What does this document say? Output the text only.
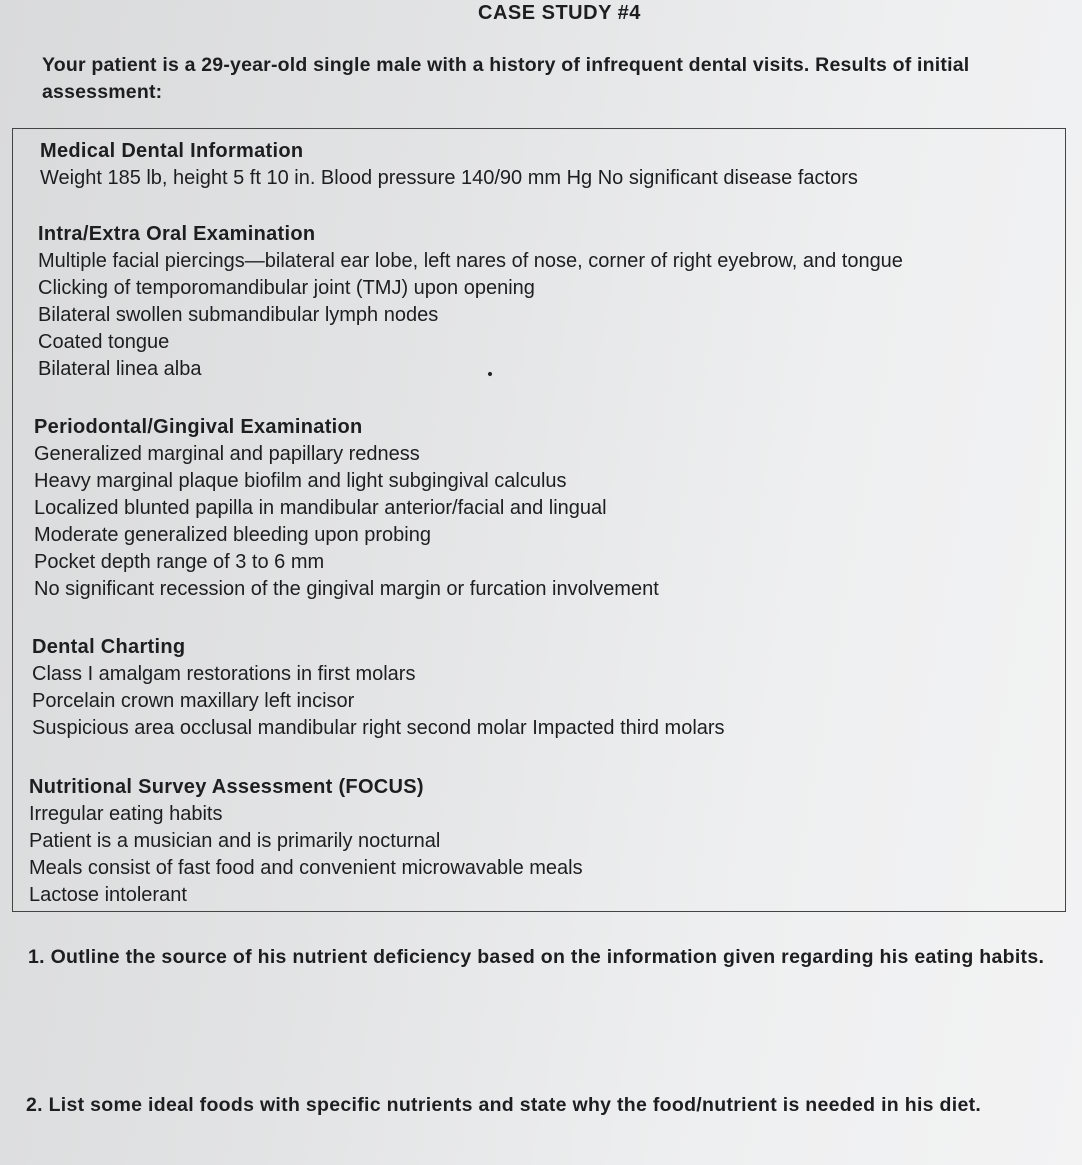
CASE STUDY #4

Your patient is a 29-year-old single male with a history of infrequent dental visits. Results of initial assessment:

Medical Dental Information
Weight 185 lb, height 5 ft 10 in. Blood pressure 140/90 mm Hg No significant disease factors
Intra/Extra Oral Examination
Multiple facial piercings—bilateral ear lobe, left nares of nose, corner of right eyebrow, and tongue
Clicking of temporomandibular joint (TMJ) upon opening
Bilateral swollen submandibular lymph nodes
Coated tongue
Bilateral linea alba
Periodontal/Gingival Examination
Generalized marginal and papillary redness
Heavy marginal plaque biofilm and light subgingival calculus
Localized blunted papilla in mandibular anterior/facial and lingual
Moderate generalized bleeding upon probing
Pocket depth range of 3 to 6 mm
No significant recession of the gingival margin or furcation involvement
Dental Charting
Class I amalgam restorations in first molars
Porcelain crown maxillary left incisor
Suspicious area occlusal mandibular right second molar Impacted third molars
Nutritional Survey Assessment (FOCUS)
Irregular eating habits
Patient is a musician and is primarily nocturnal
Meals consist of fast food and convenient microwavable meals
Lactose intolerant
1. Outline the source of his nutrient deficiency based on the information given regarding his eating habits.
2. List some ideal foods with specific nutrients and state why the food/nutrient is needed in his diet.
